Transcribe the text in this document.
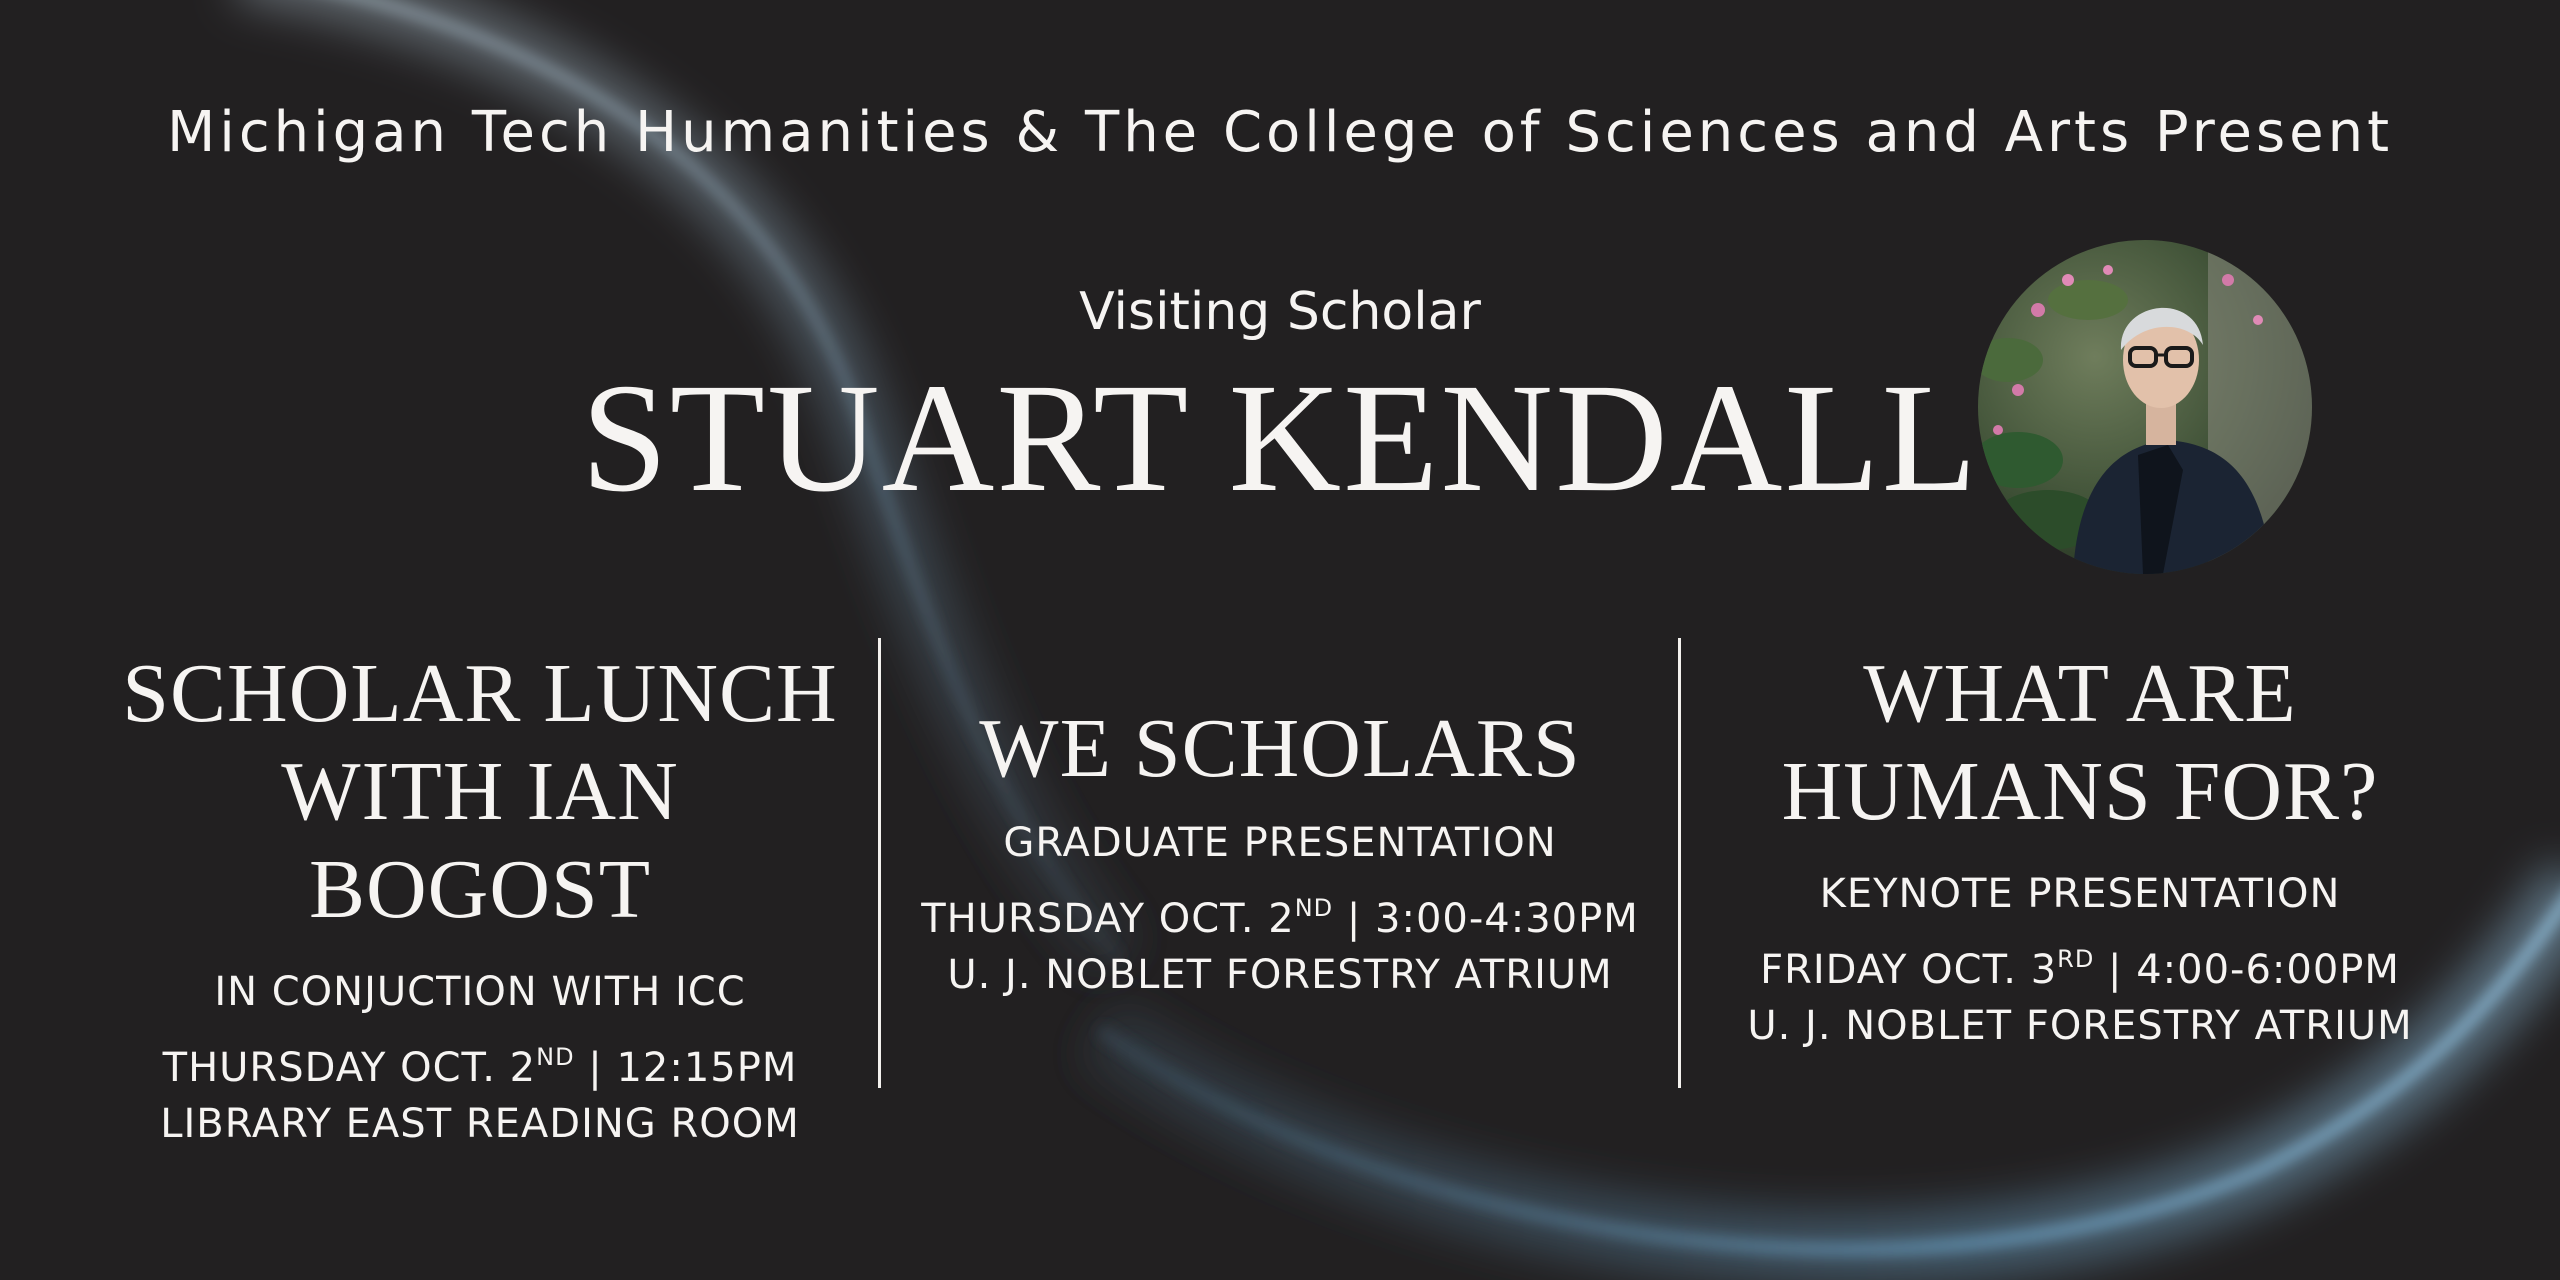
Michigan Tech Humanities & The College of Sciences and Arts Present
Visiting Scholar
STUART KENDALL
SCHOLAR LUNCH
WITH IAN BOGOST
IN CONJUCTION WITH ICC
THURSDAY OCT. 2ND | 12:15PM
LIBRARY EAST READING ROOM
WE SCHOLARS
GRADUATE PRESENTATION
THURSDAY OCT. 2ND | 3:00-4:30PM
U. J. NOBLET FORESTRY ATRIUM
WHAT ARE
HUMANS FOR?
KEYNOTE PRESENTATION
FRIDAY OCT. 3RD | 4:00-6:00PM
U. J. NOBLET FORESTRY ATRIUM
